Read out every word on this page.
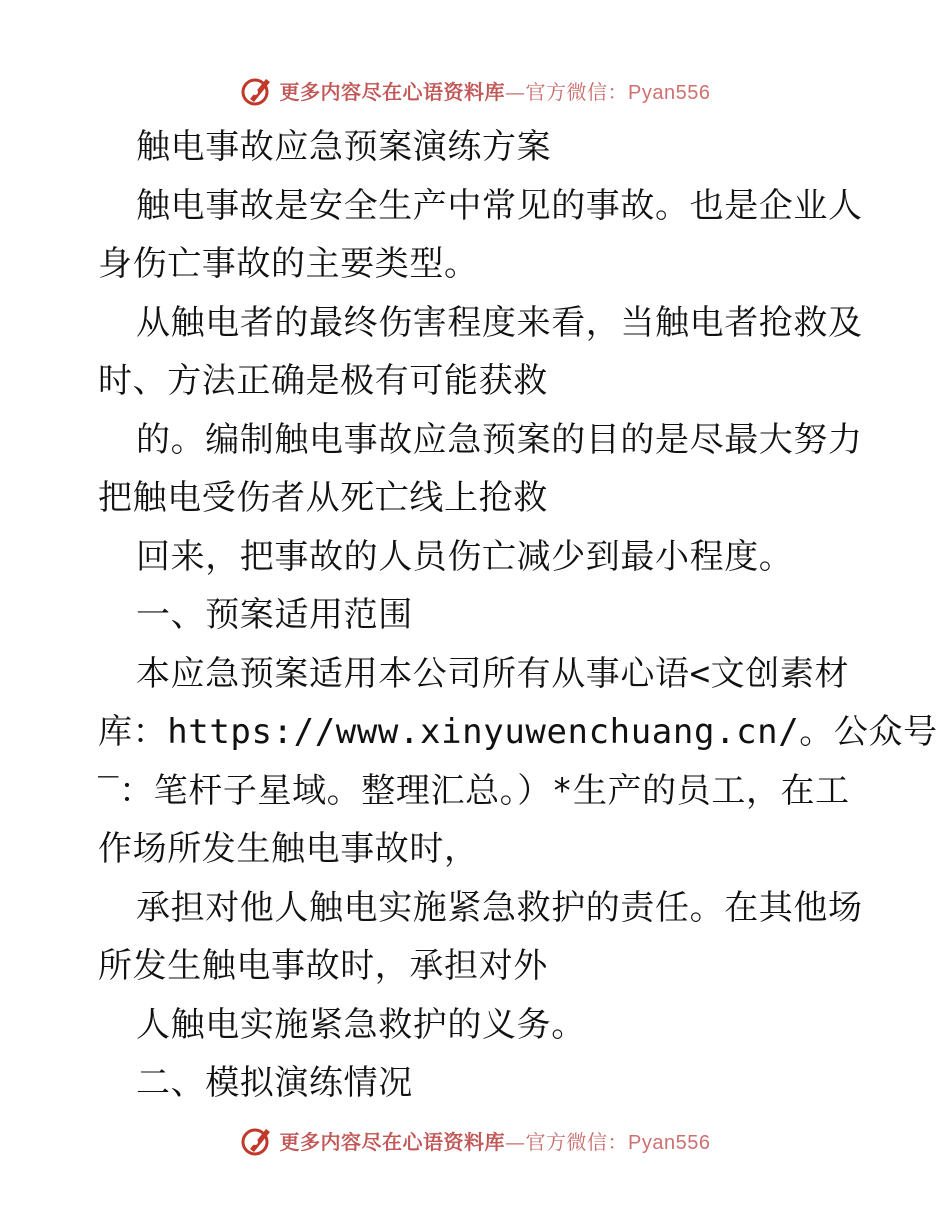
更多内容尽在心语资料库—官方微信：Pyan556
触电事故应急预案演练方案
触电事故是安全生产中常见的事故。也是企业人
身伤亡事故的主要类型。
从触电者的最终伤害程度来看，当触电者抢救及
时、方法正确是极有可能获救
的。编制触电事故应急预案的目的是尽最大努力
把触电受伤者从死亡线上抢救
回来，把事故的人员伤亡减少到最小程度。
一、预案适用范围
本应急预案适用本公司所有从事心语<文创素材
库：https://www.xinyuwenchuang.cn/。公众号
‾：笔杆子星域。整理汇总。）*生产的员工，在工
作场所发生触电事故时，
承担对他人触电实施紧急救护的责任。在其他场
所发生触电事故时，承担对外
人触电实施紧急救护的义务。
二、模拟演练情况
更多内容尽在心语资料库—官方微信：Pyan556
